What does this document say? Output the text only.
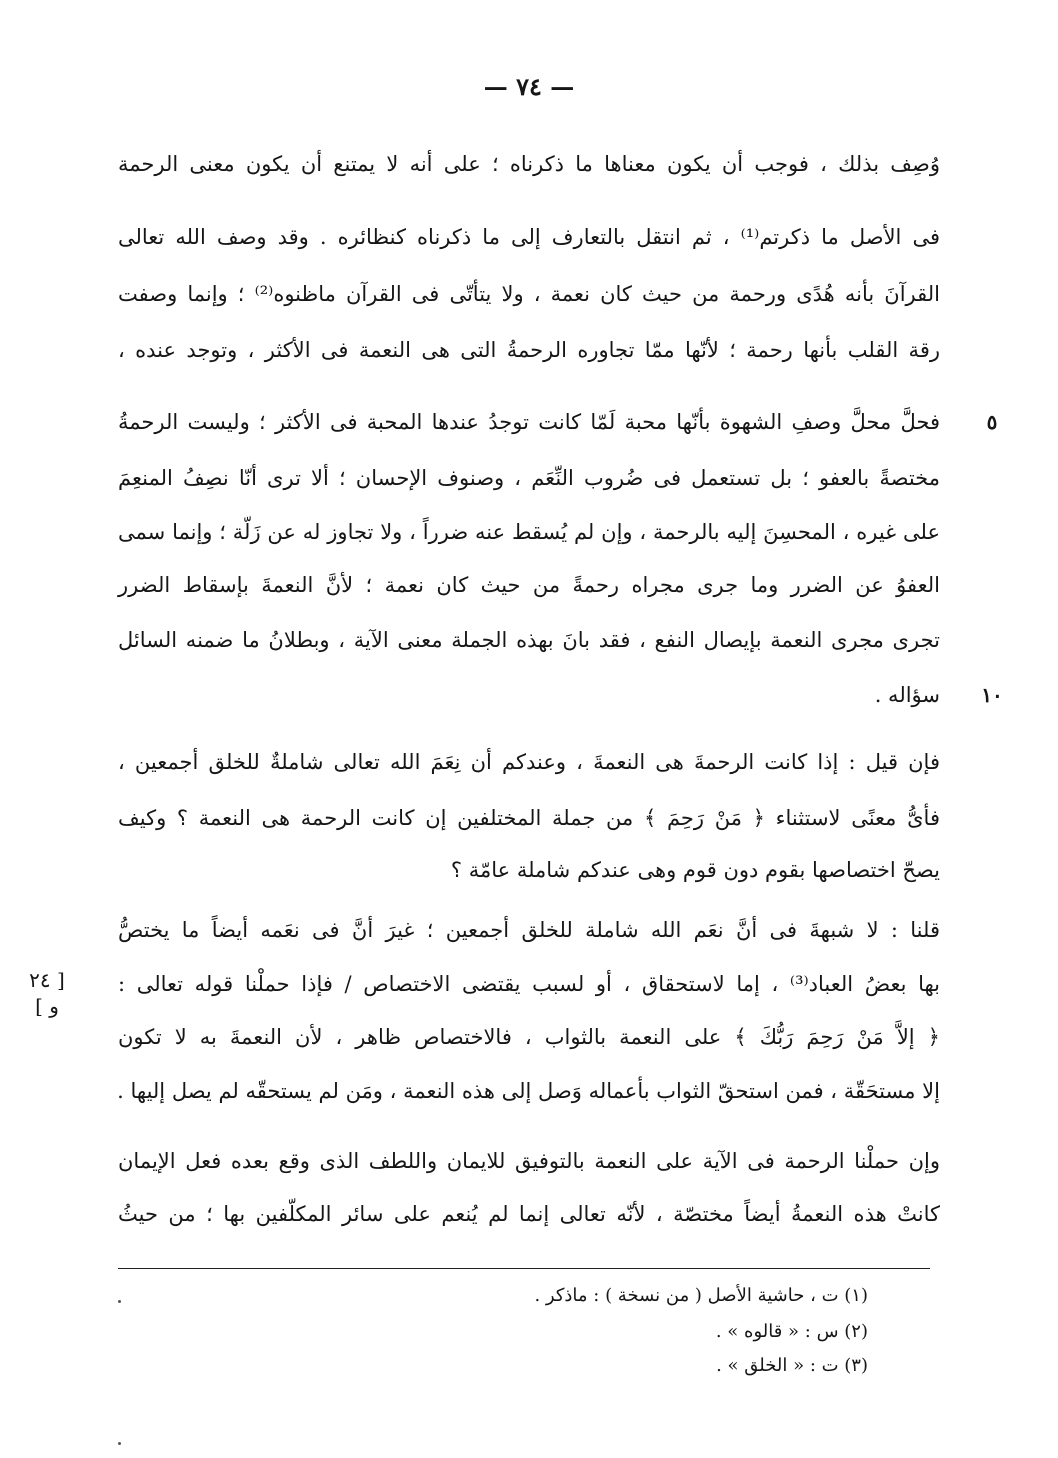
— ٧٤ —
وُصِف بذلك ، فوجب أن يكون معناها ما ذكرناه ؛ على أنه لا يمتنع أن يكون معنى الرحمة
فى الأصل ما ذكرتم⁽¹⁾ ، ثم انتقل بالتعارف إلى ما ذكرناه كنظائره . وقد وصف الله تعالى
القرآنَ بأنه هُدًى ورحمة من حيث كان نعمة ، ولا يتأتّى فى القرآن ماظنوه⁽²⁾ ؛ وإنما وصفت
رقة القلب بأنها رحمة ؛ لأنّها ممّا تجاوره الرحمةُ التى هى النعمة فى الأكثر ، وتوجد عنده ،
فحلَّ محلَّ وصفِ الشهوة بأنّها محبة لَمّا كانت توجدُ عندها المحبة فى الأكثر ؛ وليست الرحمةُ
مختصةً بالعفو ؛ بل تستعمل فى ضُروب النِّعَم ، وصنوف الإحسان ؛ ألا ترى أنّا نصِفُ المنعِمَ
على غيره ، المحسِنَ إليه بالرحمة ، وإن لم يُسقط عنه ضرراً ، ولا تجاوز له عن زَلّة ؛ وإنما سمى
العفوُ عن الضرر وما جرى مجراه رحمةً من حيث كان نعمة ؛ لأنَّ النعمةَ بإسقاط الضرر
تجرى مجرى النعمة بإيصال النفع ، فقد بانَ بهذه الجملة معنى الآية ، وبطلانُ ما ضمنه السائل
سؤاله .
فإن قيل : إذا كانت الرحمةَ هى النعمةَ ، وعندكم أن نِعَمَ الله تعالى شاملةٌ للخلق أجمعين ،
فأىُّ معنًى لاستثناء ﴿ مَنْ رَحِمَ ﴾ من جملة المختلفين إن كانت الرحمة هى النعمة ؟ وكيف
يصحّ اختصاصها بقوم دون قوم وهى عندكم شاملة عامّة ؟
قلنا : لا شبهةَ فى أنَّ نعَم الله شاملة للخلق أجمعين ؛ غيرَ أنَّ فى نعَمه أيضاً ما يختصُّ
بها بعضُ العباد⁽³⁾ ، إما لاستحقاق ، أو لسبب يقتضى الاختصاص / فإذا حملْنا قوله تعالى :
﴿ إلاَّ مَنْ رَحِمَ رَبُّكَ ﴾ على النعمة بالثواب ، فالاختصاص ظاهر ، لأن النعمةَ به لا تكون
إلا مستحَقّة ، فمن استحقّ الثواب بأعماله وَصل إلى هذه النعمة ، ومَن لم يستحقّه لم يصل إليها .
وإن حملْنا الرحمة فى الآية على النعمة بالتوفيق للايمان واللطف الذى وقع بعده فعل الإيمان
كانتْ هذه النعمةُ أيضاً مختصّة ، لأنّه تعالى إنما لم يُنعم على سائر المكلّفين بها ؛ من حيثُ
٥
١٠
[ ٢٤ و ]
(١) ت ، حاشية الأصل ( من نسخة ) : ماذكر .
(٢) س : « قالوه » .
(٣) ت : « الخلق » .
